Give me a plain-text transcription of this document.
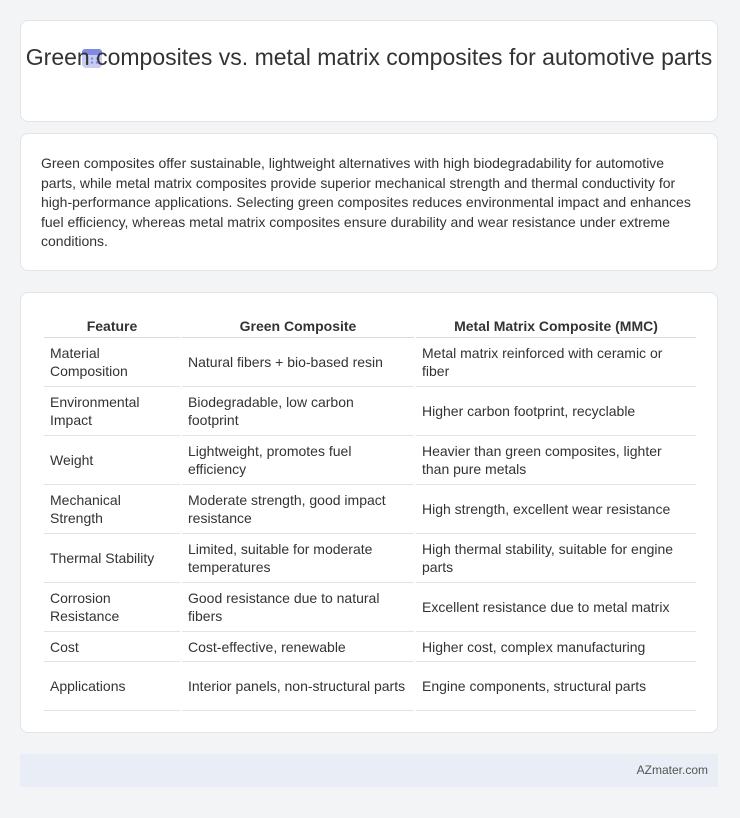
Green composites vs. metal matrix composites for automotive parts

Green composites offer sustainable, lightweight alternatives with high biodegradability for automotive parts, while metal matrix composites provide superior mechanical strength and thermal conductivity for high-performance applications. Selecting green composites reduces environmental impact and enhances fuel efficiency, whereas metal matrix composites ensure durability and wear resistance under extreme conditions.

Feature	Green Composite	Metal Matrix Composite (MMC)
Material Composition	Natural fibers + bio-based resin	Metal matrix reinforced with ceramic or fiber
Environmental Impact	Biodegradable, low carbon footprint	Higher carbon footprint, recyclable
Weight	Lightweight, promotes fuel efficiency	Heavier than green composites, lighter than pure metals
Mechanical Strength	Moderate strength, good impact resistance	High strength, excellent wear resistance
Thermal Stability	Limited, suitable for moderate temperatures	High thermal stability, suitable for engine parts
Corrosion Resistance	Good resistance due to natural fibers	Excellent resistance due to metal matrix
Cost	Cost-effective, renewable	Higher cost, complex manufacturing
Applications	Interior panels, non-structural parts	Engine components, structural parts
AZmater.com
